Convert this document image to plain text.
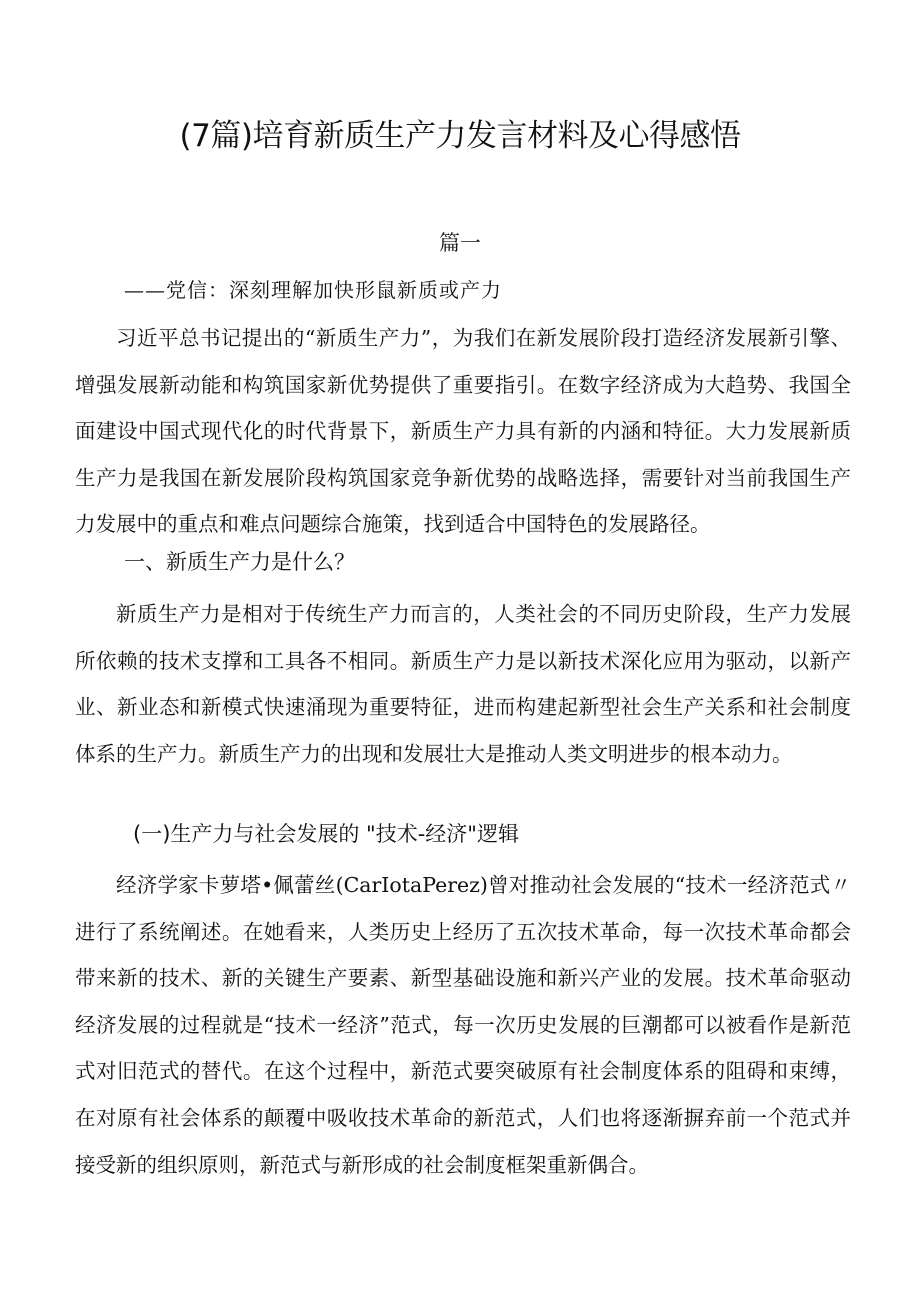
(7篇)培育新质生产力发言材料及心得感悟
篇一
——党信：深刻理解加快形鼠新质或产力

习近平总书记提出的“新质生产力”，为我们在新发展阶段打造经济发展新引擎、增强发展新动能和构筑国家新优势提供了重要指引。在数字经济成为大趋势、我国全面建设中国式现代化的时代背景下，新质生产力具有新的内涵和特征。大力发展新质生产力是我国在新发展阶段构筑国家竞争新优势的战略选择，需要针对当前我国生产力发展中的重点和难点问题综合施策，找到适合中国特色的发展路径。

一、新质生产力是什么？

新质生产力是相对于传统生产力而言的，人类社会的不同历史阶段，生产力发展所依赖的技术支撑和工具各不相同。新质生产力是以新技术深化应用为驱动，以新产业、新业态和新模式快速涌现为重要特征，进而构建起新型社会生产关系和社会制度体系的生产力。新质生产力的出现和发展壮大是推动人类文明进步的根本动力。

(一)生产力与社会发展的 "技术-经济"逻辑

经济学家卡萝塔•佩蕾丝(CarIotaPerez)曾对推动社会发展的“技术一经济范式〃进行了系统阐述。在她看来，人类历史上经历了五次技术革命，每一次技术革命都会带来新的技术、新的关键生产要素、新型基础设施和新兴产业的发展。技术革命驱动经济发展的过程就是“技术一经济”范式，每一次历史发展的巨潮都可以被看作是新范式对旧范式的替代。在这个过程中，新范式要突破原有社会制度体系的阻碍和束缚，在对原有社会体系的颠覆中吸收技术革命的新范式，人们也将逐渐摒弃前一个范式并接受新的组织原则，新范式与新形成的社会制度框架重新偶合。
